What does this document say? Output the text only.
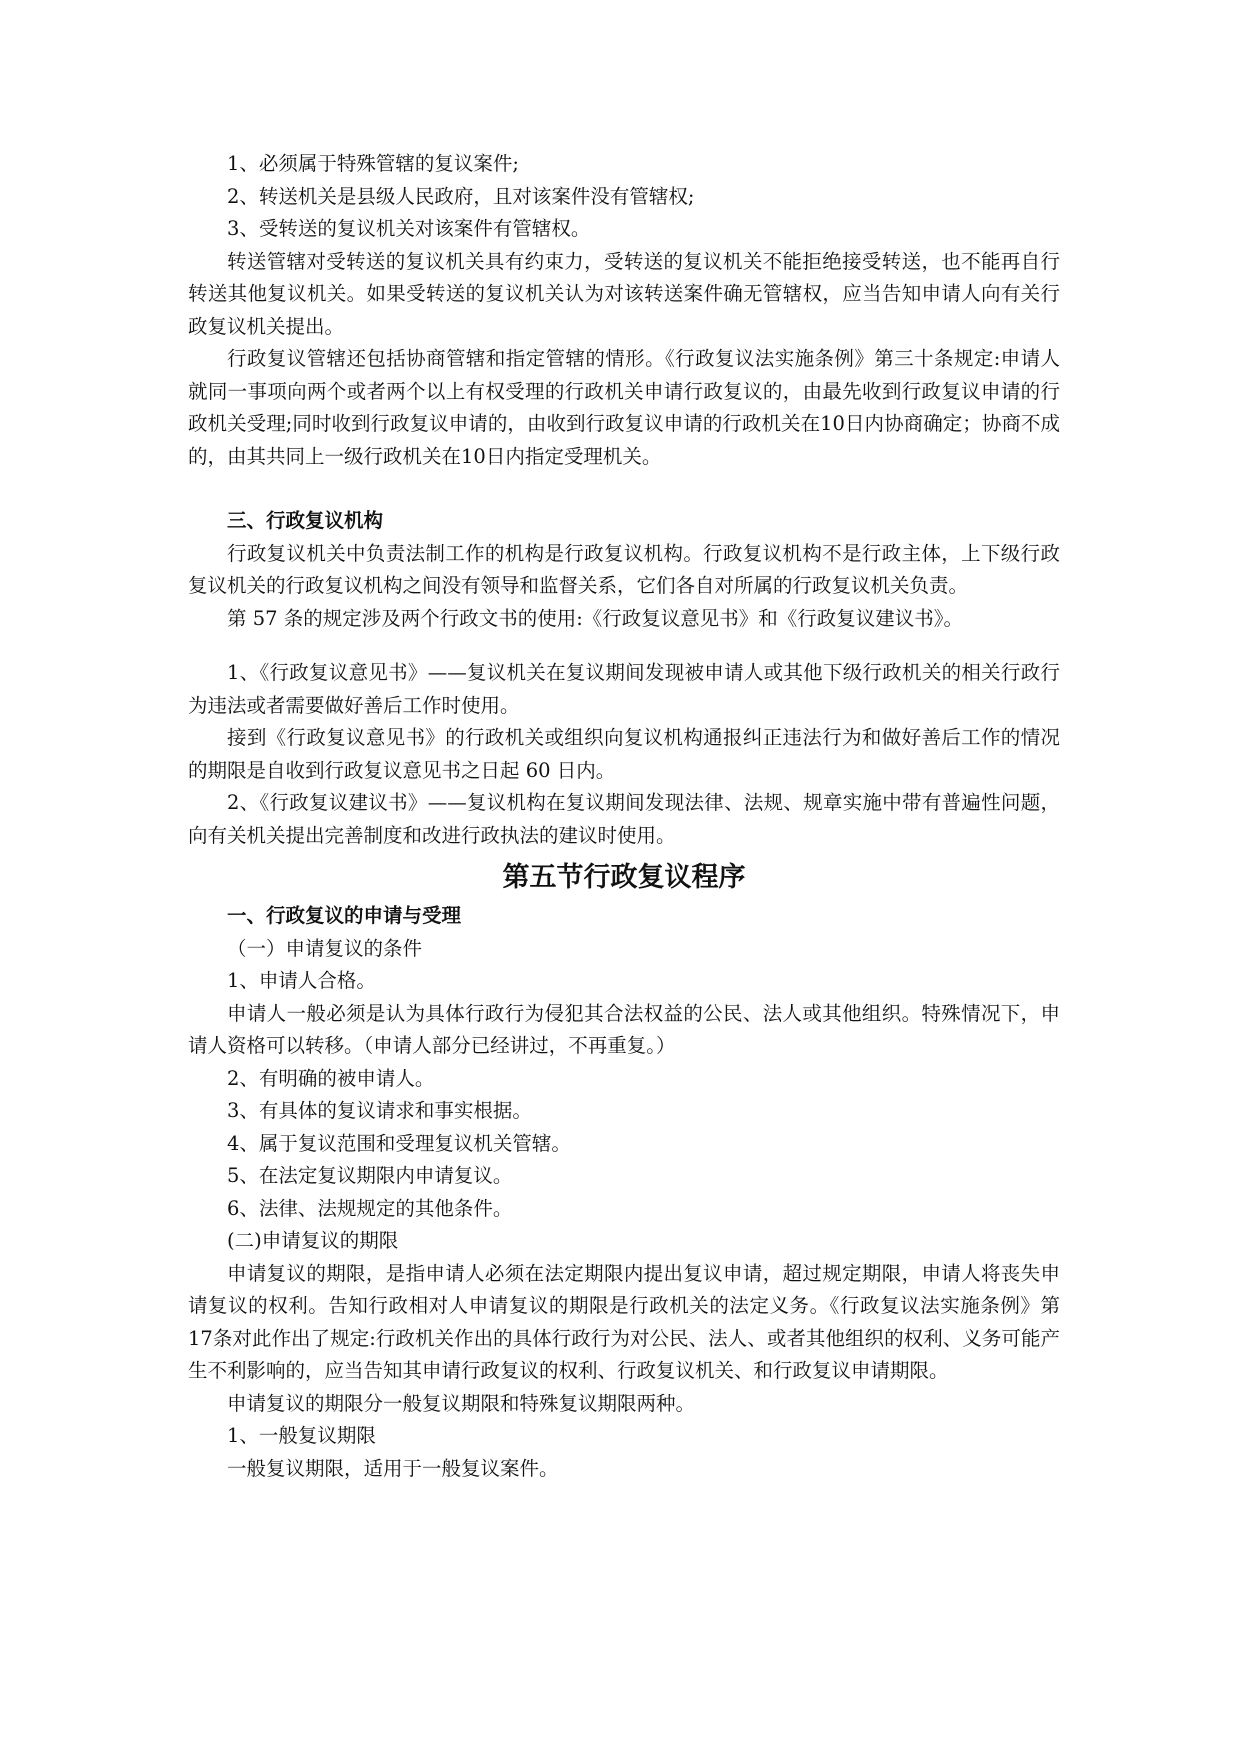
1、必须属于特殊管辖的复议案件;

2、转送机关是县级人民政府，且对该案件没有管辖权;

3、受转送的复议机关对该案件有管辖权。

转送管辖对受转送的复议机关具有约束力，受转送的复议机关不能拒绝接受转送，也不能再自行转送其他复议机关。如果受转送的复议机关认为对该转送案件确无管辖权，应当告知申请人向有关行政复议机关提出。

行政复议管辖还包括协商管辖和指定管辖的情形。《行政复议法实施条例》第三十条规定:申请人就同一事项向两个或者两个以上有权受理的行政机关申请行政复议的，由最先收到行政复议申请的行政机关受理;同时收到行政复议申请的，由收到行政复议申请的行政机关在10日内协商确定；协商不成的，由其共同上一级行政机关在10日内指定受理机关。

三、行政复议机构

行政复议机关中负责法制工作的机构是行政复议机构。行政复议机构不是行政主体，上下级行政复议机关的行政复议机构之间没有领导和监督关系，它们各自对所属的行政复议机关负责。

第 57 条的规定涉及两个行政文书的使用:《行政复议意见书》和《行政复议建议书》。

1、《行政复议意见书》——复议机关在复议期间发现被申请人或其他下级行政机关的相关行政行为违法或者需要做好善后工作时使用。

接到《行政复议意见书》的行政机关或组织向复议机构通报纠正违法行为和做好善后工作的情况的期限是自收到行政复议意见书之日起 60 日内。

2、《行政复议建议书》——复议机构在复议期间发现法律、法规、规章实施中带有普遍性问题，向有关机关提出完善制度和改进行政执法的建议时使用。

第五节行政复议程序

一、行政复议的申请与受理

（一）申请复议的条件

1、申请人合格。

申请人一般必须是认为具体行政行为侵犯其合法权益的公民、法人或其他组织。特殊情况下，申请人资格可以转移。（申请人部分已经讲过，不再重复。）

2、有明确的被申请人。

3、有具体的复议请求和事实根据。

4、属于复议范围和受理复议机关管辖。

5、在法定复议期限内申请复议。

6、法律、法规规定的其他条件。

(二)申请复议的期限

申请复议的期限，是指申请人必须在法定期限内提出复议申请，超过规定期限，申请人将丧失申请复议的权利。告知行政相对人申请复议的期限是行政机关的法定义务。《行政复议法实施条例》第17条对此作出了规定:行政机关作出的具体行政行为对公民、法人、或者其他组织的权利、义务可能产生不利影响的，应当告知其申请行政复议的权利、行政复议机关、和行政复议申请期限。

申请复议的期限分一般复议期限和特殊复议期限两种。

1、一般复议期限

一般复议期限，适用于一般复议案件。
